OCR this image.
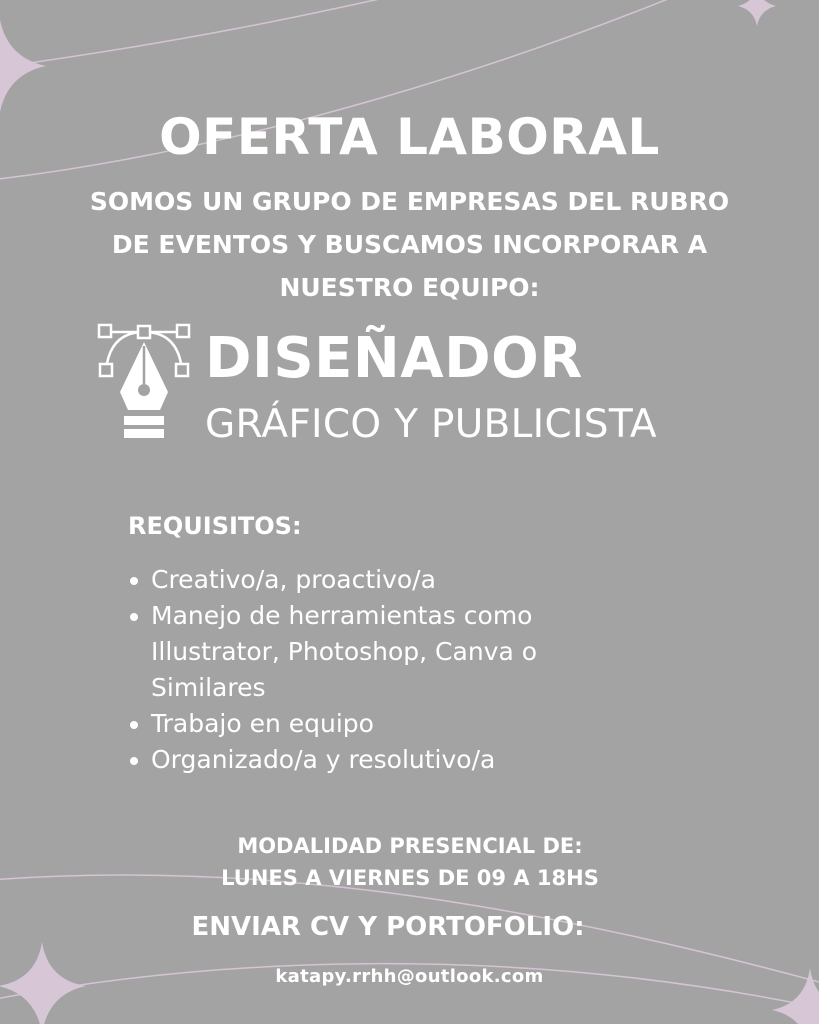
OFERTA LABORAL
SOMOS UN GRUPO DE EMPRESAS DEL RUBRO
DE EVENTOS Y BUSCAMOS INCORPORAR A
NUESTRO EQUIPO:
DISEÑADOR
GRÁFICO Y PUBLICISTA
REQUISITOS:
Creativo/a, proactivo/a
Manejo de herramientas como Illustrator, Photoshop, Canva o Similares
Trabajo en equipo
Organizado/a y resolutivo/a
MODALIDAD PRESENCIAL DE:
LUNES A VIERNES DE 09 A 18HS
ENVIAR CV Y PORTOFOLIO:
katapy.rrhh@outlook.com
